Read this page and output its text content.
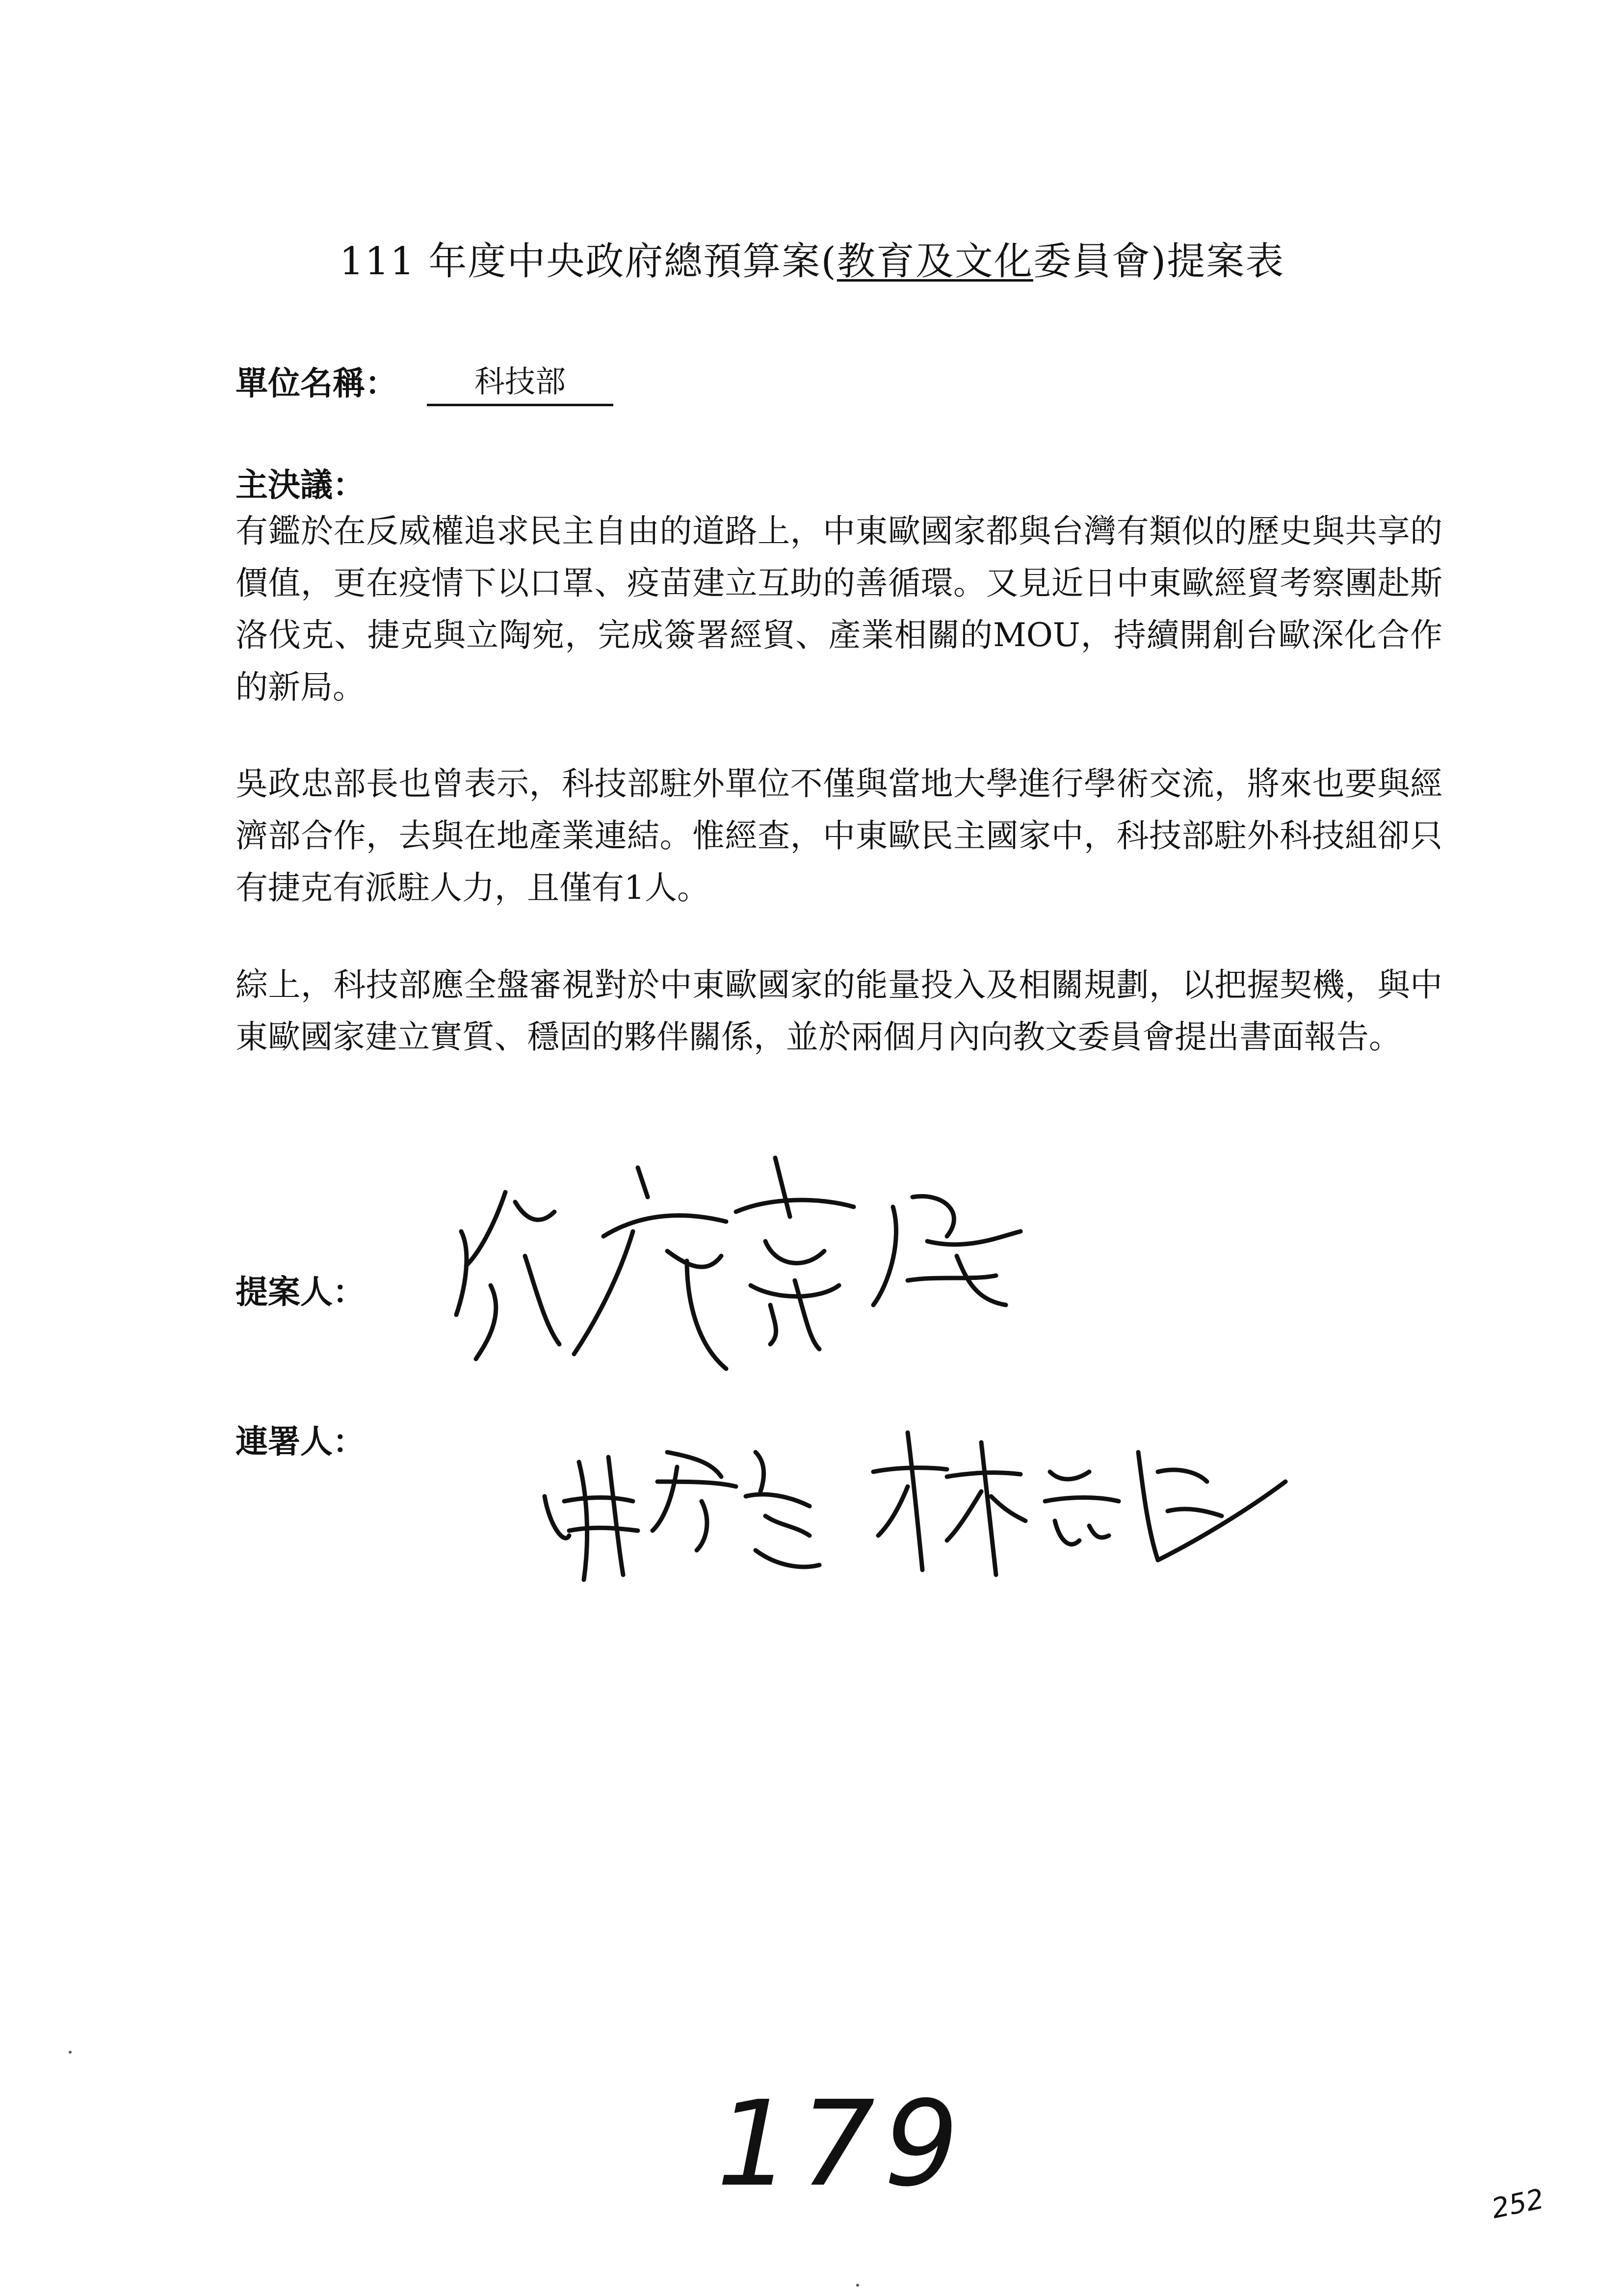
111 年度中央政府總預算案(教育及文化委員會)提案表
單位名稱：	科技部
主決議：
有鑑於在反威權追求民主自由的道路上，中東歐國家都與台灣有類似的歷史與共享的價值，更在疫情下以口罩、疫苗建立互助的善循環。又見近日中東歐經貿考察團赴斯洛伐克、捷克與立陶宛，完成簽署經貿、產業相關的MOU，持續開創台歐深化合作的新局。
吳政忠部長也曾表示，科技部駐外單位不僅與當地大學進行學術交流，將來也要與經濟部合作，去與在地產業連結。惟經查，中東歐民主國家中，科技部駐外科技組卻只有捷克有派駐人力，且僅有1人。
綜上，科技部應全盤審視對於中東歐國家的能量投入及相關規劃，以把握契機，與中東歐國家建立實質、穩固的夥伴關係，並於兩個月內向教文委員會提出書面報告。
提案人：
連署人：
179	252
